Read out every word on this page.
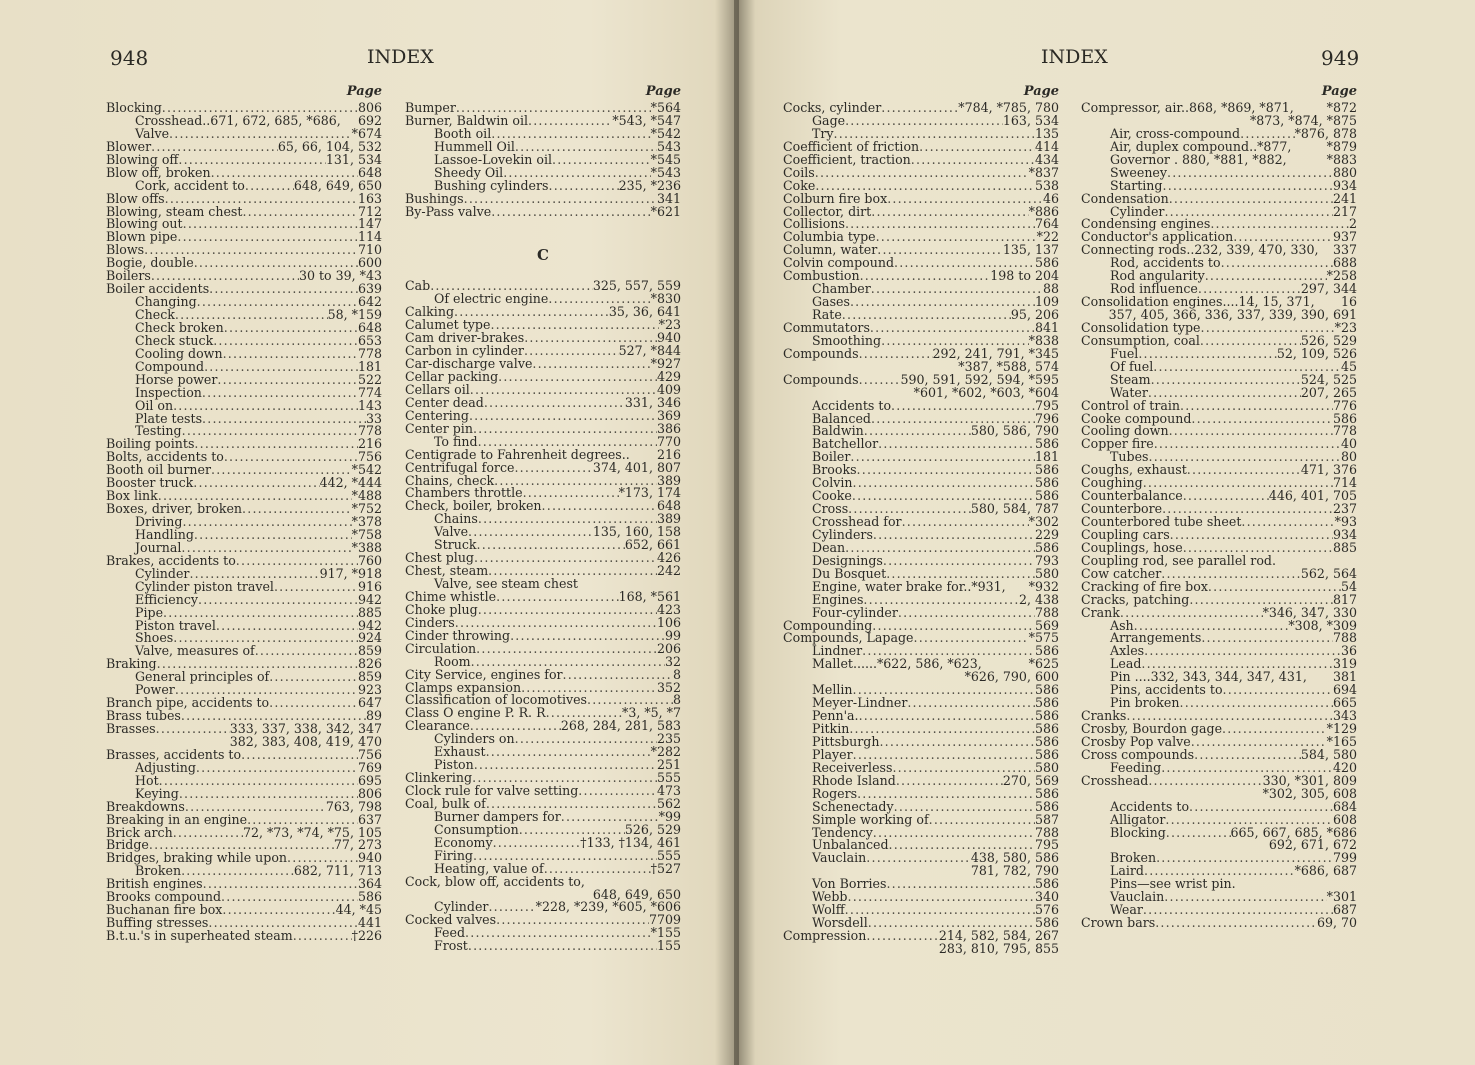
948	INDEX	INDEX	949
Page
Blocking .....	806
Crosshead..671, 672, 685, *686, 692
Valve .....	*674
Blower .....	65, 66, 104, 532
Blowing off .....	131, 534
Blow off, broken .....	648
Cork, accident to .....	648, 649, 650
Blow offs .....	163
Blowing, steam chest .....	712
Blowing out .....	147
Blown pipe .....	114
Blows .....	710
Bogie, double .....	600
Boilers .....	30 to 39, *43
Boiler accidents .....	639
Changing .....	642
Check .....	58, *159
Check broken .....	648
Check stuck .....	653
Cooling down .....	778
Compound .....	181
Horse power .....	522
Inspection .....	774
Oil on .....	143
Plate tests .....	33
Testing .....	778
Boiling points .....	216
Bolts, accidents to .....	756
Booth oil burner .....	*542
Booster truck .....	442, *444
Box link .....	*488
Boxes, driver, broken .....	*752
Driving .....	*378
Handling .....	*758
Journal .....	*388
Brakes, accidents to .....	760
Cylinder .....	917, *918
Cylinder piston travel .....	916
Efficiency .....	942
Pipe .....	885
Piston travel .....	942
Shoes .....	924
Valve, measures of .....	859
Braking .....	826
General principles of .....	859
Power .....	923
Branch pipe, accidents to .....	647
Brass tubes .....	89
Brasses .....	333, 337, 338, 342, 347
382, 383, 408, 419, 470
Brasses, accidents to .....	756
Adjusting .....	769
Hot .....	695
Keying .....	806
Breakdowns .....	763, 798
Breaking in an engine .....	637
Brick arch .....	72, *73, *74, *75, 105
Bridge .....	77, 273
Bridges, braking while upon .....	940
Broken .....	682, 711, 713
British engines .....	364
Brooks compound .....	586
Buchanan fire box .....	44, *45
Buffing stresses .....	441
B.t.u.'s in superheated steam .....	†226
Page
Bumper .....	*564
Burner, Baldwin oil .....	*543, *547
Booth oil .....	*542
Hummell Oil .....	543
Lassoe-Lovekin oil .....	*545
Sheedy Oil .....	*543
Bushing cylinders .....	235, *236
Bushings .....	341
By-Pass valve .....	*621
C
Cab .....	325, 557, 559
Of electric engine .....	*830
Calking .....	35, 36, 641
Calumet type .....	*23
Cam driver-brakes .....	940
Carbon in cylinder .....	527, *844
Car-discharge valve .....	*927
Cellar packing .....	429
Cellars oil .....	409
Center dead .....	331, 346
Centering .....	369
Center pin .....	386
To find .....	770
Centigrade to Fahrenheit degrees.. 216
Centrifugal force .....	374, 401, 807
Chains, check .....	389
Chambers throttle .....	*173, 174
Check, boiler, broken .....	648
Chains .....	389
Valve .....	135, 160, 158
Struck .....	652, 661
Chest plug .....	426
Chest, steam .....	242
Valve, see steam chest
Chime whistle .....	168, *561
Choke plug .....	423
Cinders .....	106
Cinder throwing .....	99
Circulation .....	206
Room .....	32
City Service, engines for .....	8
Clamps expansion .....	352
Classification of locomotives .....	8
Class O engine P. R. R .....	*3, *5, *7
Clearance .....	268, 284, 281, 583
Cylinders on .....	235
Exhaust .....	*282
Piston .....	251
Clinkering .....	555
Clock rule for valve setting .....	473
Coal, bulk of .....	562
Burner dampers for .....	*99
Consumption .....	526, 529
Economy .....	†133, †134, 461
Firing .....	555
Heating, value of .....	†527
Cock, blow off, accidents to,
648, 649, 650
Cylinder .....	*228, *239, *605, *606
Cocked valves .....	7709
Feed .....	*155
Frost .....	155
Page
Cocks, cylinder .....	*784, *785, 780
Gage .....	163, 534
Try .....	135
Coefficient of friction .....	414
Coefficient, traction .....	434
Coils .....	*837
Coke .....	538
Colburn fire box .....	46
Collector, dirt .....	*886
Collisions .....	764
Columbia type .....	*22
Column, water .....	135, 137
Colvin compound .....	586
Combustion .....	198 to 204
Chamber .....	88
Gases .....	109
Rate .....	95, 206
Commutators .....	841
Smoothing .....	*838
Compounds .....	292, 241, 791, *345
*387, *588, 574
Compounds .....	590, 591, 592, 594, *595
*601, *602, *603, *604
Accidents to .....	795
Balanced .....	796
Baldwin .....	580, 586, 790
Batchellor .....	586
Boiler .....	181
Brooks .....	586
Colvin .....	586
Cooke .....	586
Cross .....	580, 584, 787
Crosshead for .....	*302
Cylinders .....	229
Dean .....	586
Designings .....	793
Du Bosquet .....	580
Engine, water brake for..*931, *932
Engines .....	2, 438
Four-cylinder .....	788
Compounding .....	569
Compounds, Lapage .....	*575
Lindner .....	586
Mallet......*622, 586, *623,	*625
*626, 790, 600
Mellin .....	586
Meyer-Lindner .....	586
Penn'a. .....	586
Pitkin .....	586
Pittsburgh .....	586
Player .....	586
Receiverless .....	580
Rhode Island .....	270, 569
Rogers .....	586
Schenectady .....	586
Simple working of .....	587
Tendency .....	788
Unbalanced .....	795
Vauclain .....	438, 580, 586
781, 782, 790
Von Borries .....	586
Webb .....	340
Wolff .....	576
Worsdell .....	586
Compression .....	214, 582, 584, 267
283, 810, 795, 855
Page
Compressor, air..868, *869, *871,	*872
*873, *874, *875
Air, cross-compound .....	*876, 878
Air, duplex compound..*877,	*879
Governor . 880, *881, *882,	*883
Sweeney .....	880
Starting .....	934
Condensation .....	241
Cylinder .....	217
Condensing engines .....	2
Conductor's application .....	937
Connecting rods..232, 339, 470, 330, 337
Rod, accidents to .....	688
Rod angularity .....	*258
Rod influence .....	297, 344
Consolidation engines....14, 15, 371, 16
357, 405, 366, 336, 337, 339, 390, 691
Consolidation type .....	*23
Consumption, coal .....	526, 529
Fuel .....	52, 109, 526
Of fuel .....	45
Steam .....	524, 525
Water .....	207, 265
Control of train .....	776
Cooke compound .....	586
Cooling down .....	778
Copper fire .....	40
Tubes .....	80
Coughs, exhaust .....	471, 376
Coughing .....	714
Counterbalance .....	446, 401, 705
Counterbore .....	237
Counterbored tube sheet .....	*93
Coupling cars .....	934
Couplings, hose .....	885
Coupling rod, see parallel rod.
Cow catcher .....	562, 564
Cracking of fire box .....	54
Cracks, patching .....	817
Crank .....	*346, 347, 330
Ash .....	*308, *309
Arrangements .....	788
Axles .....	36
Lead .....	319
Pin ....332, 343, 344, 347, 431, 381
Pins, accidents to .....	694
Pin broken .....	665
Cranks .....	343
Crosby, Bourdon gage .....	*129
Crosby Pop valve .....	*165
Cross compounds .....	584, 580
Feeding .....	420
Crosshead .....	330, *301, 809
*302, 305, 608
Accidents to .....	684
Alligator .....	608
Blocking .....	665, 667, 685, *686
692, 671, 672
Broken .....	799
Laird .....	*686, 687
Pins—see wrist pin.
Vauclain .....	*301
Wear .....	687
Crown bars .....	69, 70
